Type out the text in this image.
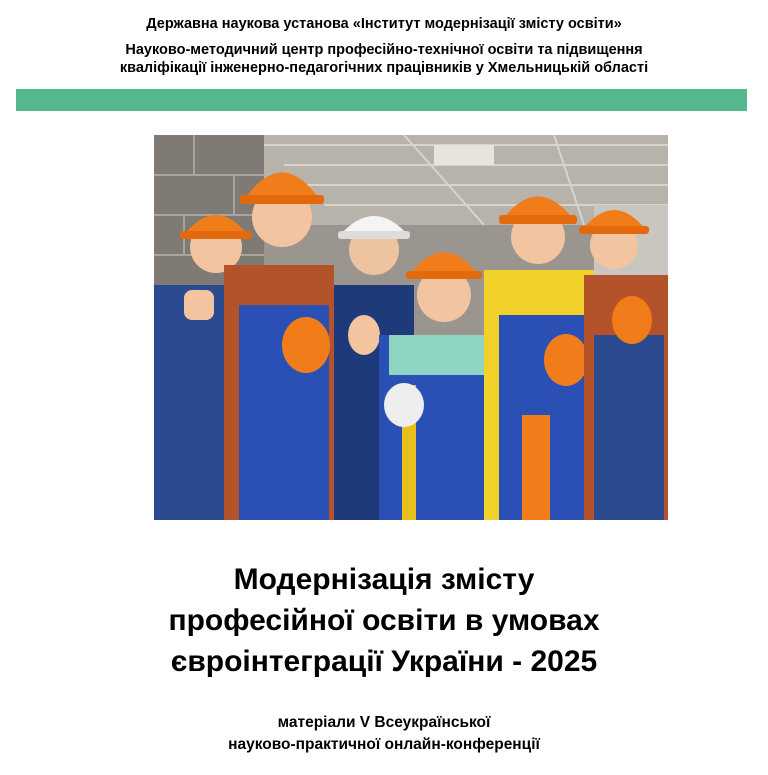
Державна наукова установа «Інститут модернізації змісту освіти»

Науково-методичний центр професійно-технічної освіти та підвищення
кваліфікації інженерно-педагогічних працівників у Хмельницькій області

Модернізація змісту
професійної освіти в умовах
євроінтеграції України - 2025
матеріали V Всеукраїнської
науково-практичної онлайн-конференції
